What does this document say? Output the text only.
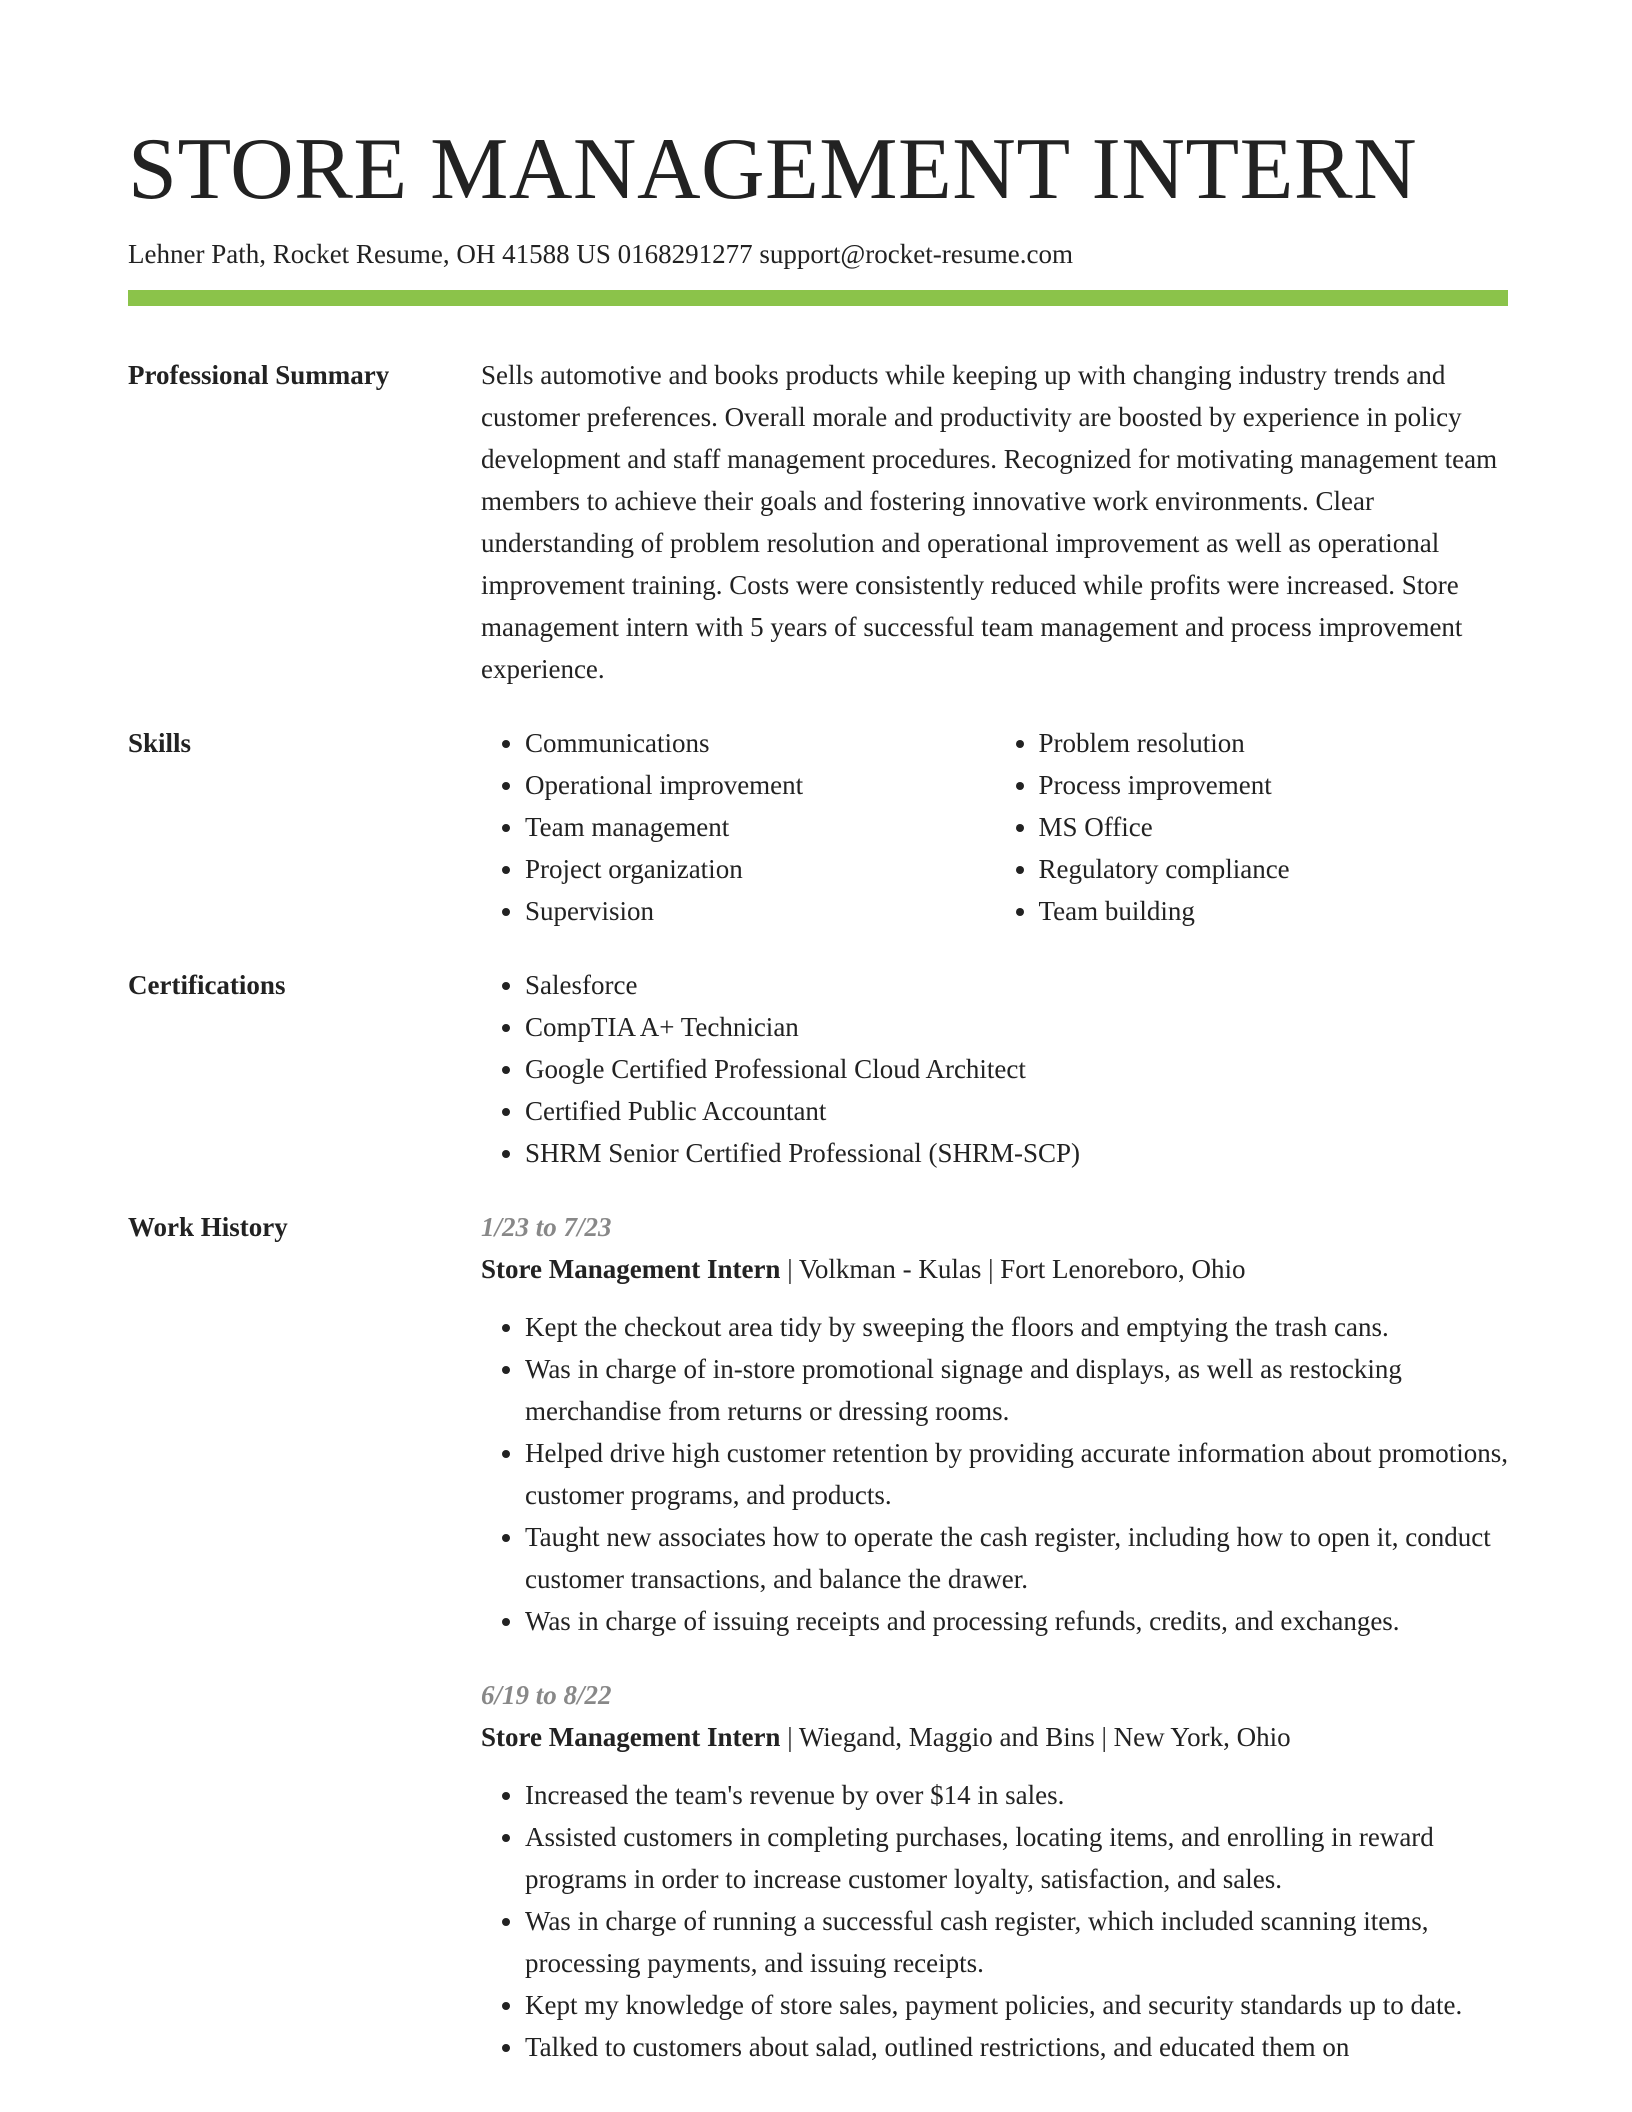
STORE MANAGEMENT INTERN
Lehner Path, Rocket Resume, OH 41588 US 0168291277 support@rocket-resume.com
Professional Summary	Sells automotive and books products while keeping up with changing industry trends and customer preferences. Overall morale and productivity are boosted by experience in policy development and staff management procedures. Recognized for motivating management team members to achieve their goals and fostering innovative work environments. Clear understanding of problem resolution and operational improvement as well as operational improvement training. Costs were consistently reduced while profits were increased. Store management intern with 5 years of successful team management and process improvement experience.

Skills	• Communications
• Operational improvement
• Team management
• Project organization
• Supervision
• Problem resolution
• Process improvement
• MS Office
• Regulatory compliance
• Team building
Certifications	• Salesforce
• CompTIA A+ Technician
• Google Certified Professional Cloud Architect
• Certified Public Accountant
• SHRM Senior Certified Professional (SHRM-SCP)
Work History	1/23 to 7/23
Store Management Intern | Volkman - Kulas | Fort Lenoreboro, Ohio
• Kept the checkout area tidy by sweeping the floors and emptying the trash cans.
• Was in charge of in-store promotional signage and displays, as well as restocking merchandise from returns or dressing rooms.
• Helped drive high customer retention by providing accurate information about promotions, customer programs, and products.
• Taught new associates how to operate the cash register, including how to open it, conduct customer transactions, and balance the drawer.
• Was in charge of issuing receipts and processing refunds, credits, and exchanges.
6/19 to 8/22
Store Management Intern | Wiegand, Maggio and Bins | New York, Ohio
• Increased the team's revenue by over $14 in sales.
• Assisted customers in completing purchases, locating items, and enrolling in reward programs in order to increase customer loyalty, satisfaction, and sales.
• Was in charge of running a successful cash register, which included scanning items, processing payments, and issuing receipts.
• Kept my knowledge of store sales, payment policies, and security standards up to date.
• Talked to customers about salad, outlined restrictions, and educated them on
